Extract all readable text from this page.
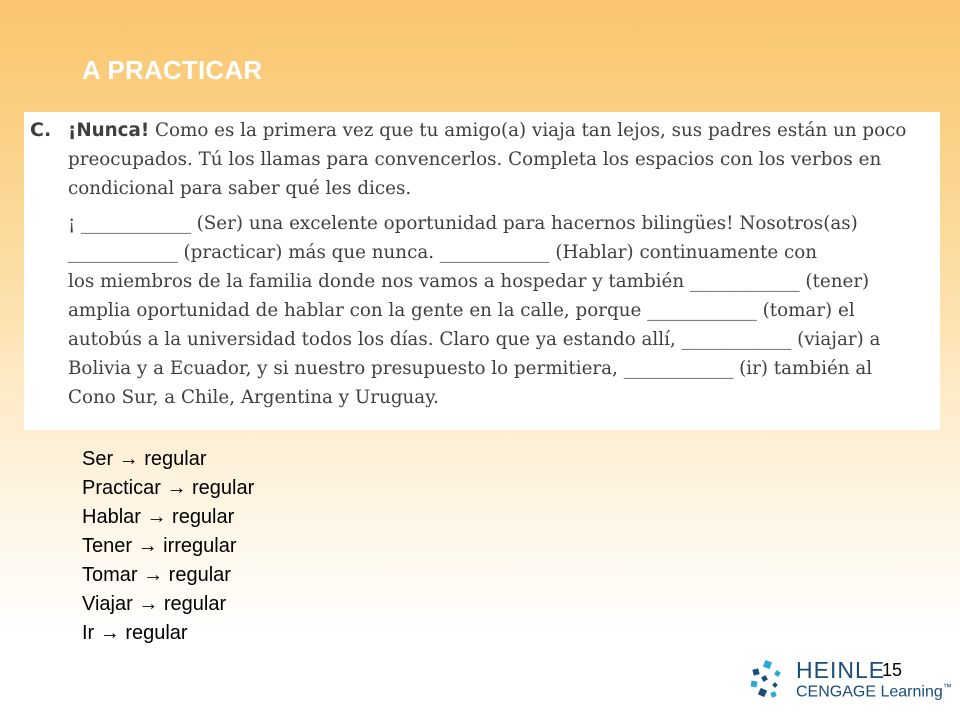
A PRACTICAR
C. ¡Nunca! Como es la primera vez que tu amigo(a) viaja tan lejos, sus padres están un poco preocupados. Tú los llamas para convencerlos. Completa los espacios con los verbos en condicional para saber qué les dices.

¡ ____________ (Ser) una excelente oportunidad para hacernos bilingües! Nosotros(as)
____________ (practicar) más que nunca. ____________ (Hablar) continuamente con
los miembros de la familia donde nos vamos a hospedar y también ____________ (tener)
amplia oportunidad de hablar con la gente en la calle, porque ____________ (tomar) el
autobús a la universidad todos los días. Claro que ya estando allí, ____________ (viajar) a
Bolivia y a Ecuador, y si nuestro presupuesto lo permitiera, ____________ (ir) también al
Cono Sur, a Chile, Argentina y Uruguay.

Ser → regular
Practicar → regular
Hablar → regular
Tener → irregular
Tomar → regular
Viajar → regular
Ir → regular
HEINLE
CENGAGE Learning™
15
